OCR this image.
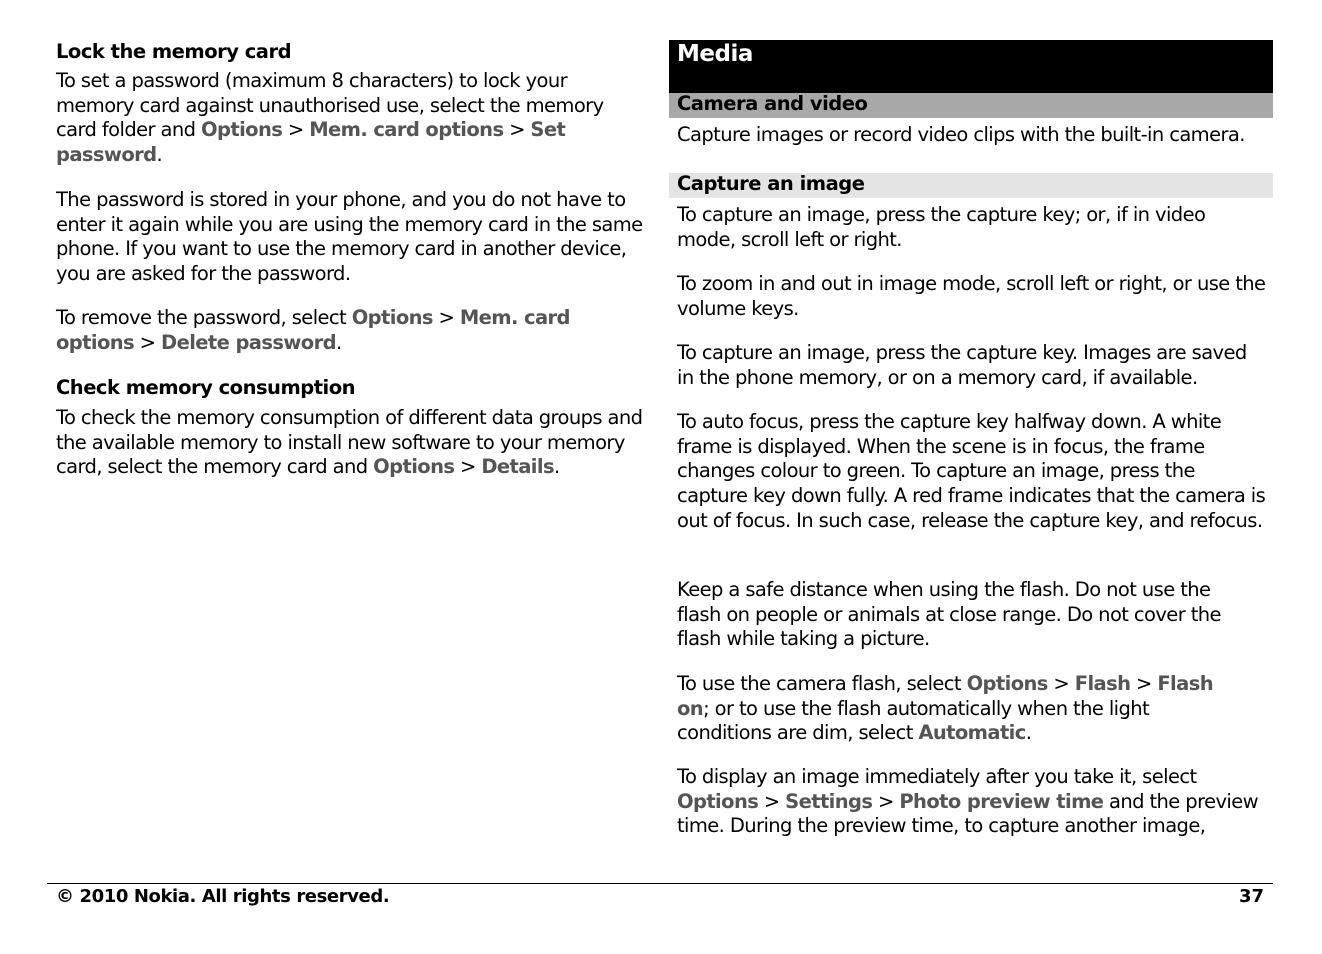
Lock the memory card

To set a password (maximum 8 characters) to lock your memory card against unauthorised use, select the memory card folder and Options > Mem. card options > Set password.

The password is stored in your phone, and you do not have to enter it again while you are using the memory card in the same phone. If you want to use the memory card in another device, you are asked for the password.

To remove the password, select Options > Mem. card options > Delete password.

Check memory consumption

To check the memory consumption of different data groups and the available memory to install new software to your memory card, select the memory card and Options > Details.

Media
Camera and video
Capture an image

Capture images or record video clips with the built-in camera.

To capture an image, press the capture key; or, if in video mode, scroll left or right.

To zoom in and out in image mode, scroll left or right, or use the volume keys.

To capture an image, press the capture key. Images are saved in the phone memory, or on a memory card, if available.

To auto focus, press the capture key halfway down. A white frame is displayed. When the scene is in focus, the frame changes colour to green. To capture an image, press the capture key down fully. A red frame indicates that the camera is out of focus. In such case, release the capture key, and refocus.

Keep a safe distance when using the flash. Do not use the flash on people or animals at close range. Do not cover the flash while taking a picture.

To use the camera flash, select Options > Flash > Flash on; or to use the flash automatically when the light conditions are dim, select Automatic.

To display an image immediately after you take it, select Options > Settings > Photo preview time and the preview time. During the preview time, to capture another image,

© 2010 Nokia. All rights reserved.	37
